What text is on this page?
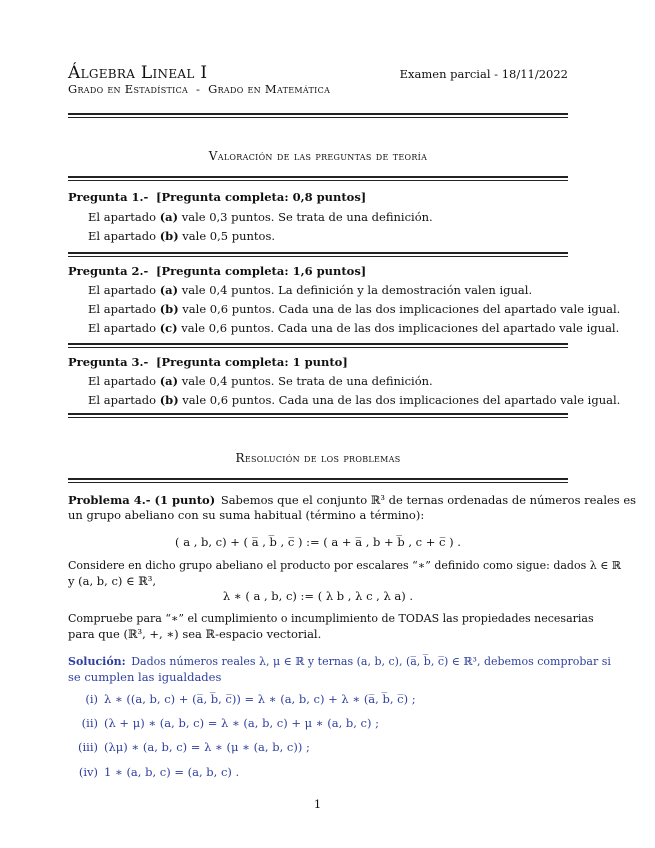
Álgebra Lineal I
Grado en Estadística  -  Grado en Matemática
Examen parcial - 18/11/2022
Valoración de las preguntas de teoría
Pregunta 1.- [Pregunta completa: 0,8 puntos]
El apartado (a) vale 0,3 puntos. Se trata de una definición.
El apartado (b) vale 0,5 puntos.
Pregunta 2.- [Pregunta completa: 1,6 puntos]
El apartado (a) vale 0,4 puntos. La definición y la demostración valen igual.
El apartado (b) vale 0,6 puntos. Cada una de las dos implicaciones del apartado vale igual.
El apartado (c) vale 0,6 puntos. Cada una de las dos implicaciones del apartado vale igual.
Pregunta 3.- [Pregunta completa: 1 punto]
El apartado (a) vale 0,4 puntos. Se trata de una definición.
El apartado (b) vale 0,6 puntos. Cada una de las dos implicaciones del apartado vale igual.
Resolución de los problemas
Problema 4.- (1 punto) Sabemos que el conjunto ℝ³ de ternas ordenadas de números reales es
un grupo abeliano con su suma habitual (término a término):
( a , b, c) + ( a̅ , b̅ , c̅ ) := ( a + a̅ , b + b̅ , c + c̅ ) .
Considere en dicho grupo abeliano el producto por escalares “∗” definido como sigue: dados λ ∈ ℝ
y (a, b, c) ∈ ℝ³,
λ ∗ ( a , b, c) := ( λ b , λ c , λ a) .
Compruebe para “∗” el cumplimiento o incumplimiento de TODAS las propiedades necesarias
para que (ℝ³, +, ∗) sea ℝ-espacio vectorial.
Solución: Dados números reales λ, μ ∈ ℝ y ternas (a, b, c), (a̅, b̅, c̅) ∈ ℝ³, debemos comprobar si
se cumplen las igualdades
(i) λ ∗ ((a, b, c) + (a̅, b̅, c̅)) = λ ∗ (a, b, c) + λ ∗ (a̅, b̅, c̅) ;
(ii) (λ + μ) ∗ (a, b, c) = λ ∗ (a, b, c) + μ ∗ (a, b, c) ;
(iii) (λμ) ∗ (a, b, c) = λ ∗ (μ ∗ (a, b, c)) ;
(iv) 1 ∗ (a, b, c) = (a, b, c) .
1
